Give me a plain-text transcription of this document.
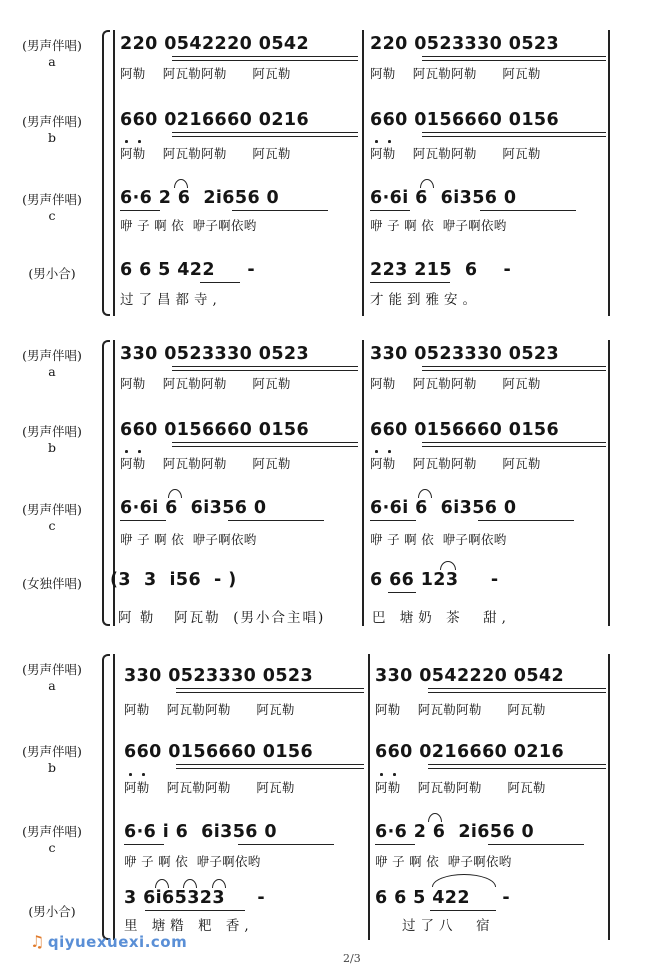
(男声伴唱)
a
220 0542220 0542	220 0523330 0523
阿勒    阿瓦勒阿勒      阿瓦勒	阿勒    阿瓦勒阿勒      阿瓦勒
(男声伴唱)
b
660 0216660 0216	660 0156660 0156
阿勒    阿瓦勒阿勒      阿瓦勒	阿勒    阿瓦勒阿勒      阿瓦勒
(男声伴唱)
c
6·6 2 6  2i656 0	6·6i 6  6i356 0
咿 子 啊 依  咿子啊依哟	咿 子 啊 依  咿子啊依哟
(男小合)	6 6 5 422     -	223 215  6    -
过了昌都寺,	才能到雅安。
(男声伴唱)
a
330 0523330 0523	330 0523330 0523
阿勒    阿瓦勒阿勒      阿瓦勒	阿勒    阿瓦勒阿勒      阿瓦勒
(男声伴唱)
b
660 0156660 0156	660 0156660 0156
阿勒    阿瓦勒阿勒      阿瓦勒	阿勒    阿瓦勒阿勒      阿瓦勒
(男声伴唱)
c
6·6i 6  6i356 0	6·6i 6  6i356 0
咿 子 啊 依  咿子啊依哟	咿 子 啊 依  咿子啊依哟
(女独伴唱)	(3  3  i56  - )	6 66 123     -
阿 勒   阿瓦勒  (男小合主唱)	巴 塘奶 茶  甜,
(男声伴唱)
a	330 0523330 0523	330 0542220 0542
阿勒    阿瓦勒阿勒      阿瓦勒	阿勒    阿瓦勒阿勒      阿瓦勒
(男声伴唱)
b
660 0156660 0156	660 0216660 0216
阿勒    阿瓦勒阿勒      阿瓦勒	阿勒    阿瓦勒阿勒      阿瓦勒
(男声伴唱)
c
6·6 i 6  6i356 0	6·6 2 6  2i656 0
咿 子 啊 依  咿子啊依哟	咿 子 啊 依  咿子啊依哟
(男小合)
3 6i65323     -	6 6 5 422     -
里 塘糌 粑 香,	过了八  宿
♫ qiyuexuexi.com
2/3
